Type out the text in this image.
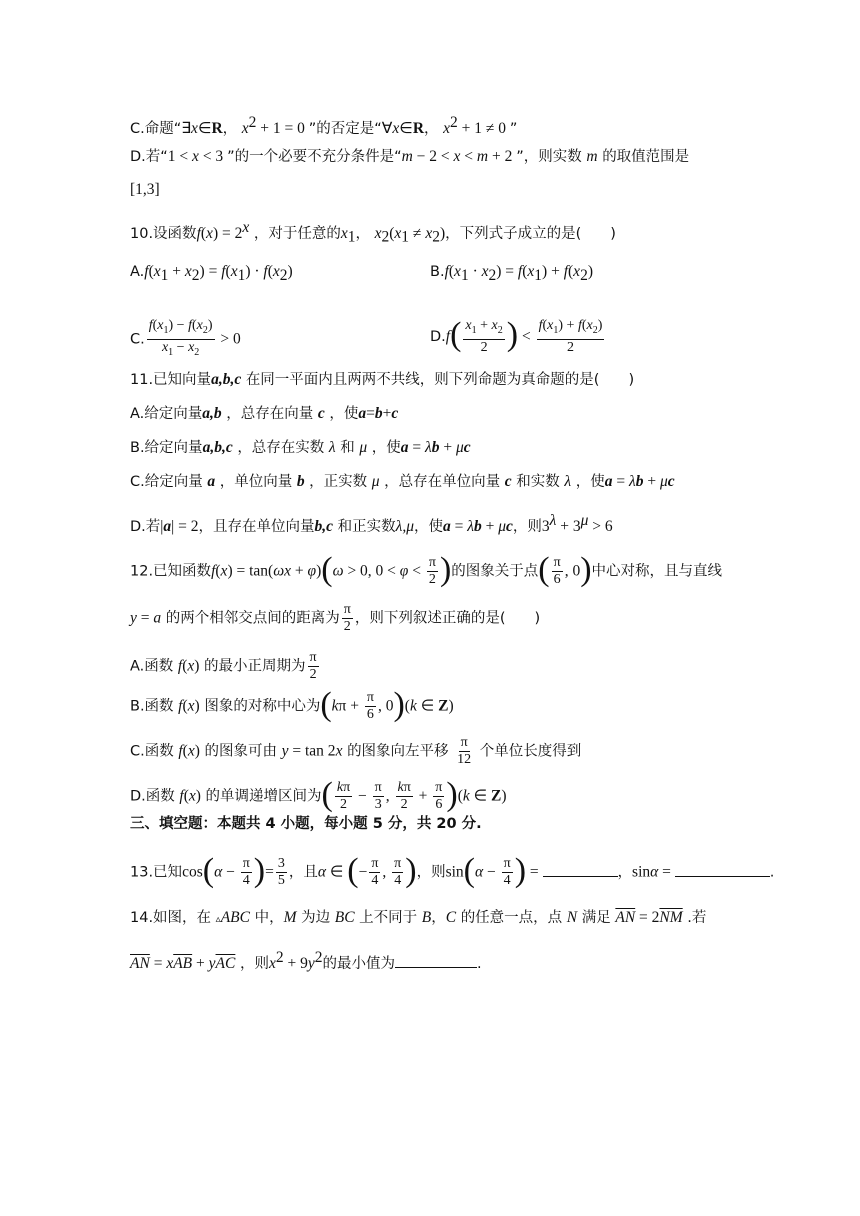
C.命题“∃x∈R， $x^2 + 1 = 0$ ”的否定是“∀x∈R， $x^2 + 1 \ne 0$ ”
D.若“1 < x < 3 ”的一个必要不充分条件是“m − 2 < x < m + 2 ”，则实数 m 的取值范围是
[1,3]
10.设函数$f(x) = 2^x$ ，对于任意的$x_1$， $x_2(x_1 \ne x_2)$，下列式子成立的是(　　)
$A.f(x_1 + x_2) = f(x_1) \cdot f(x_2)$	$B.f(x_1 \cdot x_2) = f(x_1) + f(x_2)$
C. $\frac{f(x_1) - f(x_2)}{x_1 - x_2} > 0$	$D.f( \frac{x_1 + x_2}{2}$ ) < $\frac{f(x_1) + f(x_2)}{2}$
11.已知向量a,b,c 在同一平面内且两两不共线，则下列命题为真命题的是(　　)
A.给定向量a,b ，总存在向量 c ，使a=b+c
B.给定向量a,b,c ，总存在实数 λ 和 μ ，使a = λb + μc
C.给定向量 a ，单位向量 b ，正实数 μ ，总存在单位向量 c 和实数 λ ，使a = λb + μc
D.若|a| = 2，且存在单位向量b,c 和正实数λ,μ，使a = λb + μc，则$3^\lambda + 3^\mu > 6$
12.已知函数f(x) = tan(ωx + φ)(ω > 0, $0 < \varphi < \frac{\pi}{2}$ )的图象关于点( $\frac{\pi}{6}$ , 0)中心对称，且与直线
y = a 的两个相邻交点间的距离为 $\frac{\pi}{2}$ ，则下列叙述正确的是(　　)
A.函数 f(x) 的最小正周期为 $\frac{\pi}{2}$
B.函数 f(x) 图象的对称中心为($k\pi + \frac{\pi}{6}$ , 0)(k ∈ Z)
C.函数 f(x) 的图象可由 y = tan 2x 的图象向左平移 $\frac{\pi}{12}$ 个单位长度得到
D.函数 f(x) 的单调递增区间为( $\frac{k\pi}{2} - \frac{\pi}{3}$ , $\frac{k\pi}{2} + \frac{\pi}{6} )(k$ ∈ Z)
三、填空题：本题共 4 小题，每小题 5 分，共 20 分.
13.已知$\cos(\alpha - \frac{\pi}{4}$ )= $\frac{3}{5}$ ，且α ∈ (− $\frac{\pi}{4}$ , $\frac{\pi}{4}$ )，则$\sin(\alpha - \frac{\pi}{4}$ ) =	，sinα =	.
14.如图，在 ▵ABC 中，M 为边 BC 上不同于 B，C 的任意一点，点 N 满足 $\overline{AN} = 2\overline{NM}$ .若
$\overline{AN} = x\overline{AB} + y\overline{AC}$ ，则$x^2 + 9y^2$的最小值为	.
